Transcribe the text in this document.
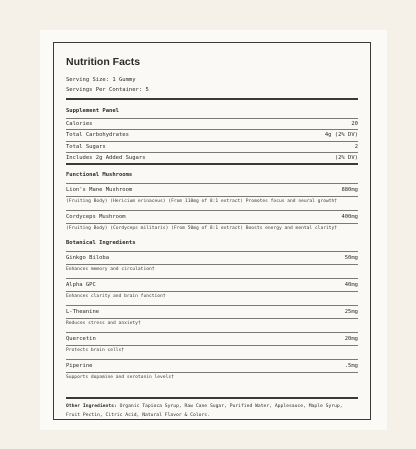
Nutrition Facts
Serving Size: 1 Gummy
Servings Per Container: 5
Supplement Panel
Calories	20
Total Carbohydrates	4g (2% DV)
Total Sugars	2
Includes 2g Added Sugars	(2% DV)
Functional Mushrooms
Lion's Mane Mushroom	880mg
(Fruiting Body) (Hericium erinaceus) (From 110mg of 8:1 extract) Promotes focus and neural growth†
Cordyceps Mushroom	400mg
(Fruiting Body) (Cordyceps militaris) (From 50mg of 8:1 extract) Boosts energy and mental clarity†
Botanical Ingredients
Ginkgo Biloba	50mg
Enhances memory and circulation†
Alpha GPC	40mg
Enhances clarity and brain function†
L-Theanine	25mg
Reduces stress and anxiety†
Quercetin	20mg
Protects brain cells†
Piperine	.5mg
Supports dopamine and serotonin levels†
Other Ingredients: Organic Tapioca Syrup, Raw Cane Sugar, Purified Water, Applesauce, Maple Syrup, Fruit Pectin, Citric Acid, Natural Flavor & Colors.
